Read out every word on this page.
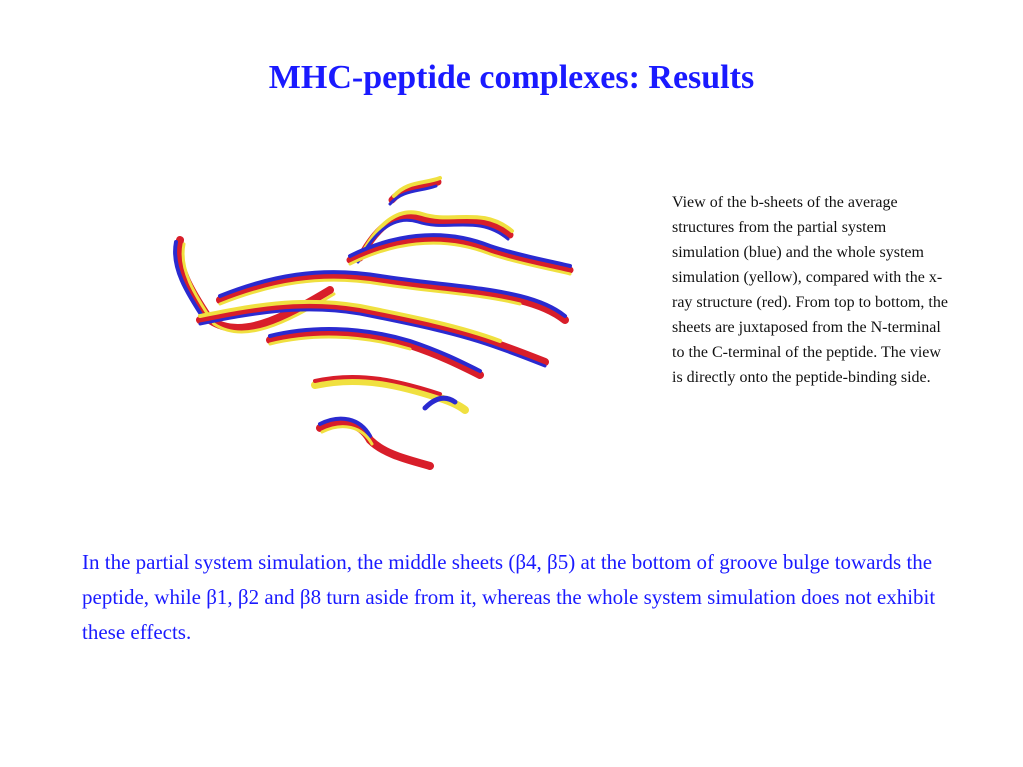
MHC-peptide complexes: Results

View of the b-sheets of the average structures from the partial system simulation (blue) and the whole system simulation (yellow), compared with the x-ray structure (red). From top to bottom, the sheets are juxtaposed from the N-terminal to the C-terminal of the peptide. The view is directly onto the peptide-binding side.

In the partial system simulation, the middle sheets (β4, β5) at the bottom of groove bulge towards the peptide, while β1, β2 and β8 turn aside from it, whereas the whole system simulation does not exhibit these effects.
